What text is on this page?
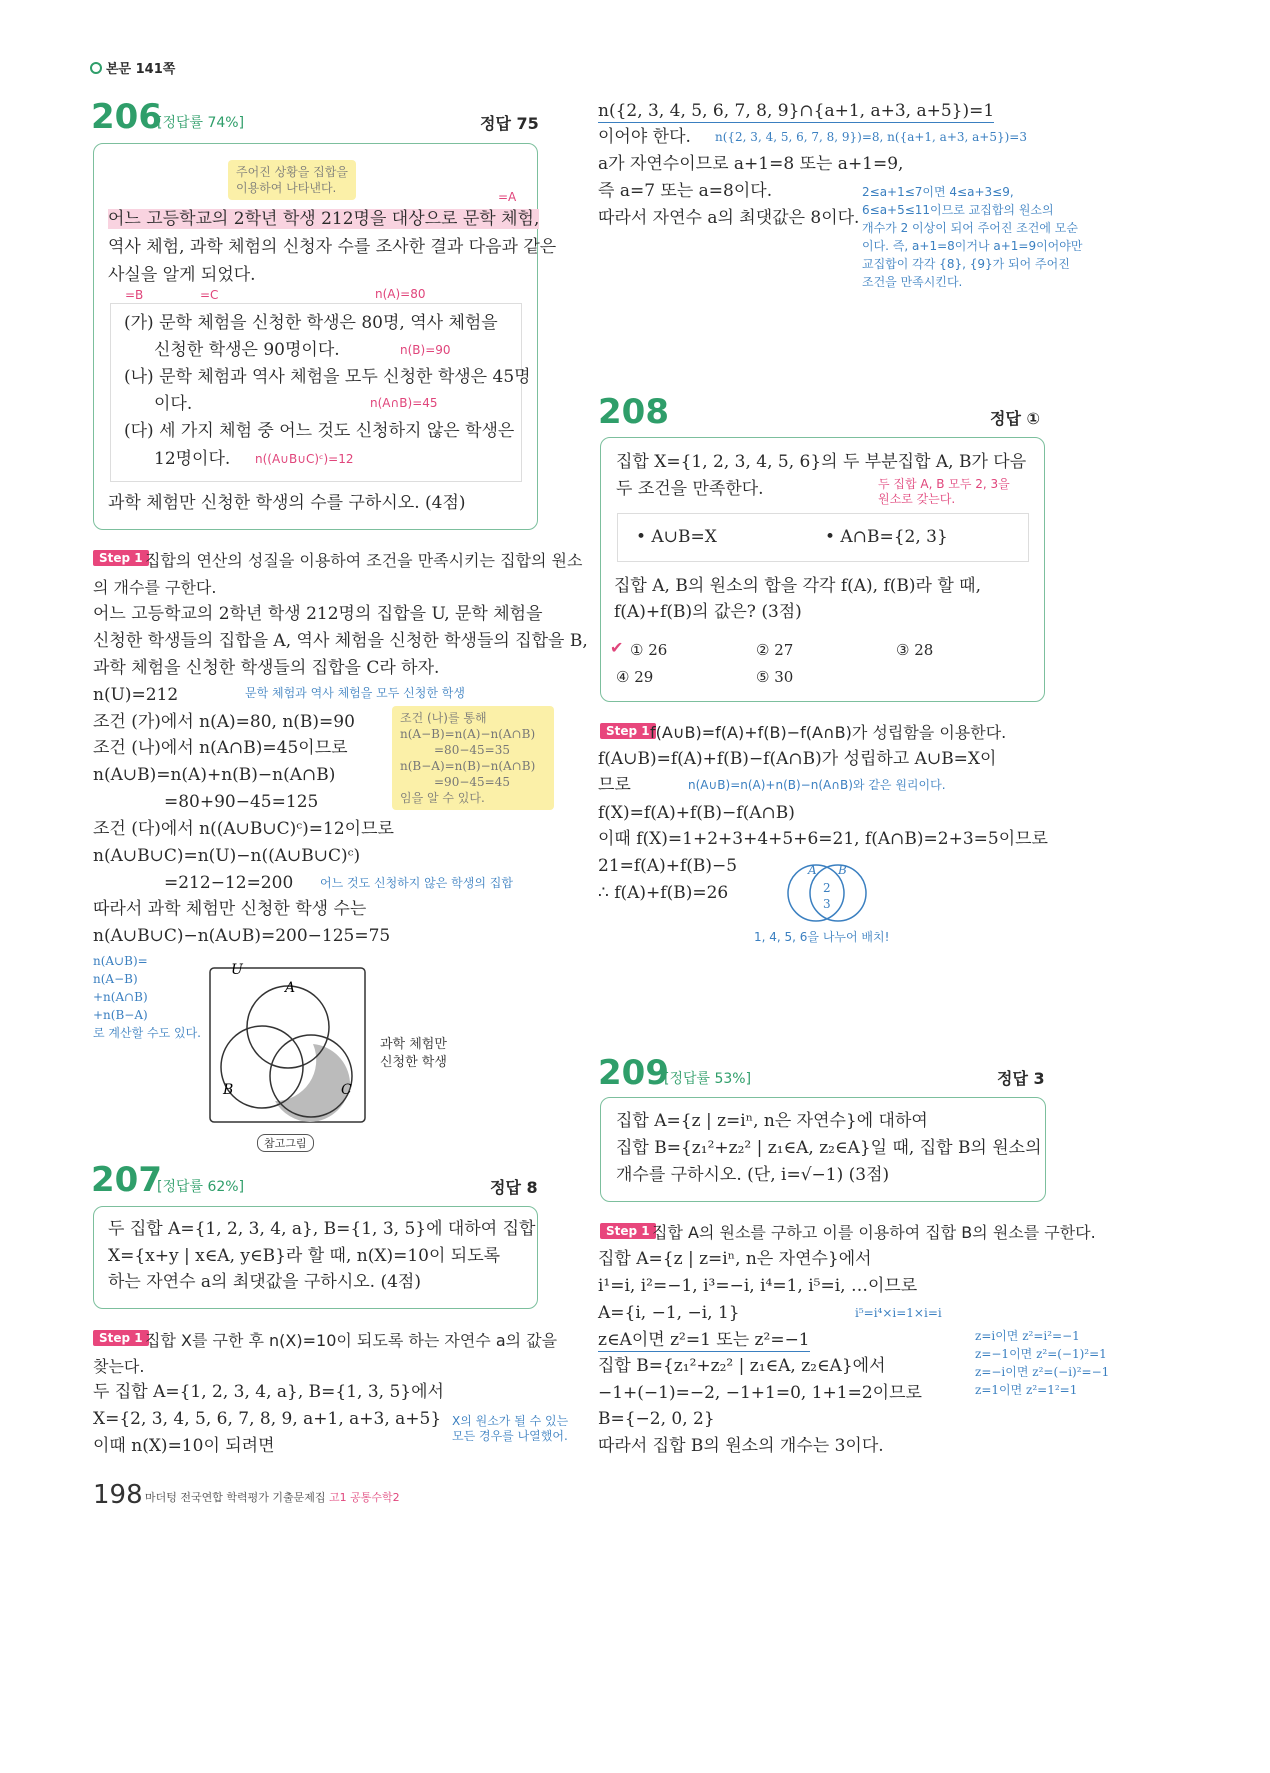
본문 141쪽
206
[정답률 74%]	정답 75
주어진 상황을 집합을
이용하여 나타낸다.
어느 고등학교의 2학년 학생 212명을 대상으로 문학 체험,
역사 체험, 과학 체험의 신청자 수를 조사한 결과 다음과 같은
사실을 알게 되었다.
=A
=C
=B	n(A)=80
(가) 문학 체험을 신청한 학생은 80명, 역사 체험을
신청한 학생은 90명이다.	n(B)=90
(나) 문학 체험과 역사 체험을 모두 신청한 학생은 45명
이다.	n(A∩B)=45
(다) 세 가지 체험 중 어느 것도 신청하지 않은 학생은
12명이다. n((A∪B∪C)ᶜ)=12
과학 체험만 신청한 학생의 수를 구하시오. (4점)
Step 1 집합의 연산의 성질을 이용하여 조건을 만족시키는 집합의 원소
의 개수를 구한다.
어느 고등학교의 2학년 학생 212명의 집합을 U, 문학 체험을
신청한 학생들의 집합을 A, 역사 체험을 신청한 학생들의 집합을 B,
과학 체험을 신청한 학생들의 집합을 C라 하자.
n(U)=212	문학 체험과 역사 체험을 모두 신청한 학생
조건 (가)에서 n(A)=80, n(B)=90
조건 (나)에서 n(A∩B)=45이므로
n(A∪B)=n(A)+n(B)−n(A∩B)
=80+90−45=125
조건 (다)에서 n((A∪B∪C)ᶜ)=12이므로
n(A∪B∪C)=n(U)−n((A∪B∪C)ᶜ)
=212−12=200 어느 것도 신청하지 않은 학생의 집합
따라서 과학 체험만 신청한 학생 수는
n(A∪B∪C)−n(A∪B)=200−125=75
조건 (나)를 통해
n(A−B)=n(A)−n(A∩B)
=80−45=35
n(B−A)=n(B)−n(A∩B)
=90−45=45
임을 알 수 있다.
n(A∪B)=
n(A−B)
+n(A∩B)
+n(B−A)
로 계산할 수도 있다.
U
A
B	C
과학 체험만
신청한 학생
참고그림
207
[정답률 62%]	정답 8
두 집합 A={1, 2, 3, 4, a}, B={1, 3, 5}에 대하여 집합
X={x+y | x∈A, y∈B}라 할 때, n(X)=10이 되도록
하는 자연수 a의 최댓값을 구하시오. (4점)
Step 1 집합 X를 구한 후 n(X)=10이 되도록 하는 자연수 a의 값을
찾는다.
두 집합 A={1, 2, 3, 4, a}, B={1, 3, 5}에서
X={2, 3, 4, 5, 6, 7, 8, 9, a+1, a+3, a+5}
이때 n(X)=10이 되려면
X의 원소가 될 수 있는
모든 경우를 나열했어.
n({2, 3, 4, 5, 6, 7, 8, 9}∩{a+1, a+3, a+5})=1
이어야 한다. n({2, 3, 4, 5, 6, 7, 8, 9})=8, n({a+1, a+3, a+5})=3
a가 자연수이므로 a+1=8 또는 a+1=9,
즉 a=7 또는 a=8이다.
따라서 자연수 a의 최댓값은 8이다.
2≤a+1≤7이면 4≤a+3≤9,
6≤a+5≤11이므로 교집합의 원소의
개수가 2 이상이 되어 주어진 조건에 모순
이다. 즉, a+1=8이거나 a+1=9이어야만
교집합이 각각 {8}, {9}가 되어 주어진
조건을 만족시킨다.
208	정답 ①
집합 X={1, 2, 3, 4, 5, 6}의 두 부분집합 A, B가 다음
두 조건을 만족한다.	두 집합 A, B 모두 2, 3을
원소로 갖는다.
• A∪B=X	• A∩B={2, 3}
집합 A, B의 원소의 합을 각각 f(A), f(B)라 할 때,
f(A)+f(B)의 값은? (3점)
① 26
✔	② 27	③ 28
④ 29	⑤ 30
Step 1 f(A∪B)=f(A)+f(B)−f(A∩B)가 성립함을 이용한다.
f(A∪B)=f(A)+f(B)−f(A∩B)가 성립하고 A∪B=X이
므로	n(A∪B)=n(A)+n(B)−n(A∩B)와 같은 원리이다.
f(X)=f(A)+f(B)−f(A∩B)
이때 f(X)=1+2+3+4+5+6=21, f(A∩B)=2+3=5이므로
21=f(A)+f(B)−5
∴ f(A)+f(B)=26
A B
2
3
1, 4, 5, 6을 나누어 배치!
209
[정답률 53%]	정답 3
집합 A={z | z=iⁿ, n은 자연수}에 대하여
집합 B={z₁²+z₂² | z₁∈A, z₂∈A}일 때, 집합 B의 원소의
개수를 구하시오. (단, i=√−1) (3점)
Step 1 집합 A의 원소를 구하고 이를 이용하여 집합 B의 원소를 구한다.
집합 A={z | z=iⁿ, n은 자연수}에서
i¹=i, i²=−1, i³=−i, i⁴=1, i⁵=i, …이므로
A={i, −1, −i, 1}	i⁵=i⁴×i=1×i=i
z∈A이면 z²=1 또는 z²=−1
집합 B={z₁²+z₂² | z₁∈A, z₂∈A}에서
−1+(−1)=−2, −1+1=0, 1+1=2이므로
B={−2, 0, 2}
따라서 집합 B의 원소의 개수는 3이다.
z=i이면 z²=i²=−1
z=−1이면 z²=(−1)²=1
z=−i이면 z²=(−i)²=−1
z=1이면 z²=1²=1
198 마더텅 전국연합 학력평가 기출문제집 고1 공통수학2
